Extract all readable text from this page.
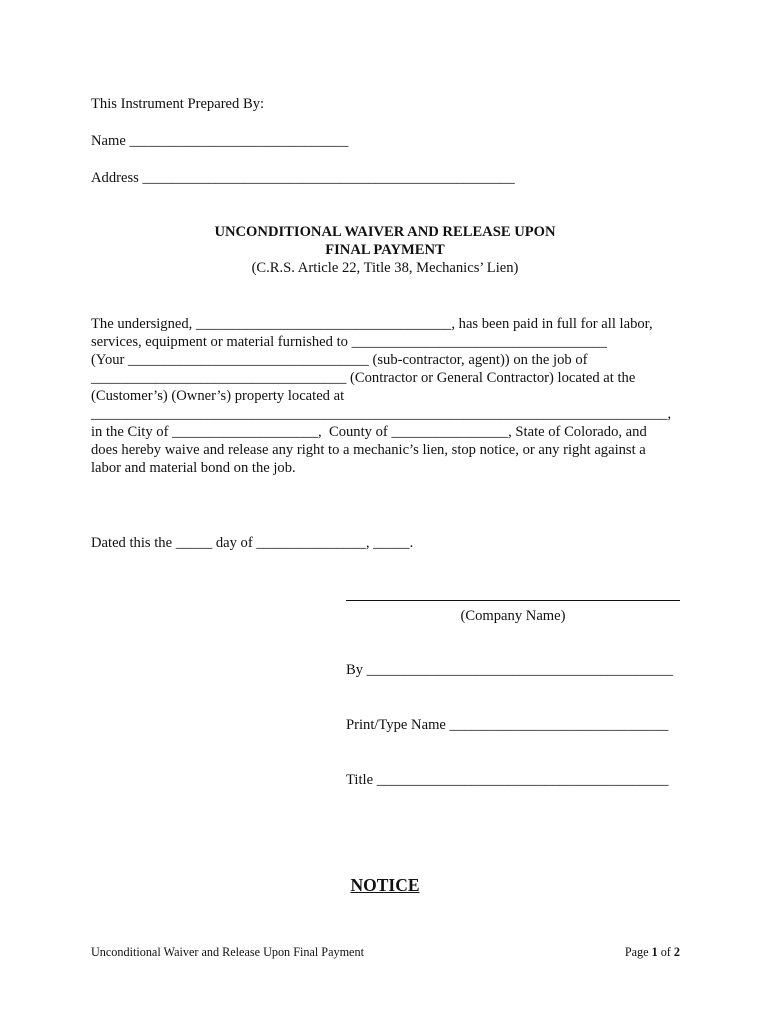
This Instrument Prepared By:
Name ______________________________
Address ___________________________________________________
UNCONDITIONAL WAIVER AND RELEASE UPON
FINAL PAYMENT
(C.R.S. Article 22, Title 38, Mechanics’ Lien)
The undersigned, ___________________________________, has been paid in full for all labor,
services, equipment or material furnished to ___________________________________
(Your _________________________________ (sub-contractor, agent)) on the job of
___________________________________ (Contractor or General Contractor) located at the
(Customer’s) (Owner’s) property located at
_______________________________________________________________________________,
in the City of ____________________,  County of ________________, State of Colorado, and
does hereby waive and release any right to a mechanic’s lien, stop notice, or any right against a
labor and material bond on the job.
Dated this the _____ day of _______________, _____.
(Company Name)
By __________________________________________
Print/Type Name ______________________________
Title ________________________________________
NOTICE
Unconditional Waiver and Release Upon Final Payment	Page 1 of 2
